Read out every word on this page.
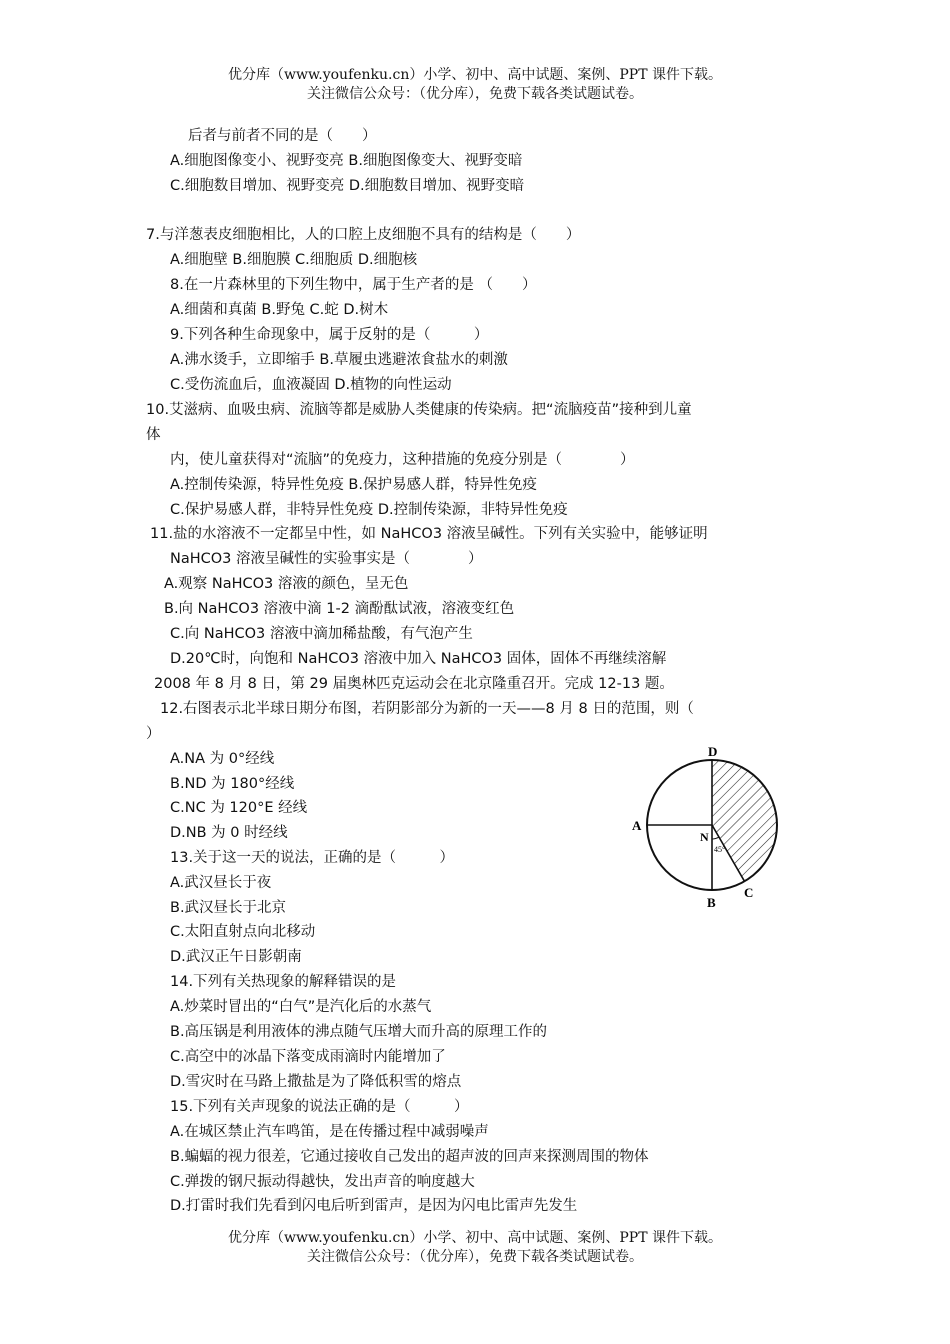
优分库（www.youfenku.cn）小学、初中、高中试题、案例、PPT 课件下载。
关注微信公众号：（优分库），免费下载各类试题试卷。
后者与前者不同的是（　　）
A.细胞图像变小、视野变亮 B.细胞图像变大、视野变暗
C.细胞数目增加、视野变亮 D.细胞数目增加、视野变暗
7.与洋葱表皮细胞相比，人的口腔上皮细胞不具有的结构是（　　）
A.细胞壁 B.细胞膜 C.细胞质 D.细胞核
8.在一片森林里的下列生物中，属于生产者的是 （　　）
A.细菌和真菌 B.野兔 C.蛇 D.树木
9.下列各种生命现象中，属于反射的是（　　　）
A.沸水烫手，立即缩手 B.草履虫逃避浓食盐水的刺激
C.受伤流血后，血液凝固 D.植物的向性运动
10.艾滋病、血吸虫病、流脑等都是威胁人类健康的传染病。把“流脑疫苗”接种到儿童
体
内，使儿童获得对“流脑”的免疫力，这种措施的免疫分别是（　　　　）
A.控制传染源，特异性免疫 B.保护易感人群，特异性免疫
C.保护易感人群，非特异性免疫 D.控制传染源，非特异性免疫
11.盐的水溶液不一定都呈中性，如 NaHCO3 溶液呈碱性。下列有关实验中，能够证明
NaHCO3 溶液呈碱性的实验事实是（　　　　）
A.观察 NaHCO3 溶液的颜色，呈无色
B.向 NaHCO3 溶液中滴 1-2 滴酚酞试液，溶液变红色
C.向 NaHCO3 溶液中滴加稀盐酸，有气泡产生
D.20℃时，向饱和 NaHCO3 溶液中加入 NaHCO3 固体，固体不再继续溶解
2008 年 8 月 8 日，第 29 届奥林匹克运动会在北京隆重召开。完成 12-13 题。
12.右图表示北半球日期分布图，若阴影部分为新的一天——8 月 8 日的范围，则（
）
A.NA 为 0°经线
B.ND 为 180°经线
C.NC 为 120°E 经线
D.NB 为 0 时经线
13.关于这一天的说法，正确的是（　　　）
A.武汉昼长于夜
B.武汉昼长于北京
C.太阳直射点向北移动
D.武汉正午日影朝南
14.下列有关热现象的解释错误的是
A.炒菜时冒出的“白气”是汽化后的水蒸气
B.高压锅是利用液体的沸点随气压增大而升高的原理工作的
C.高空中的冰晶下落变成雨滴时内能增加了
D.雪灾时在马路上撒盐是为了降低积雪的熔点
15.下列有关声现象的说法正确的是（　　　）
A.在城区禁止汽车鸣笛，是在传播过程中减弱噪声
B.蝙蝠的视力很差，它通过接收自己发出的超声波的回声来探测周围的物体
C.弹拨的钢尺振动得越快，发出声音的响度越大
D.打雷时我们先看到闪电后听到雷声，是因为闪电比雷声先发生
D
A
N
45°
B
C
优分库（www.youfenku.cn）小学、初中、高中试题、案例、PPT 课件下载。
关注微信公众号：（优分库），免费下载各类试题试卷。
